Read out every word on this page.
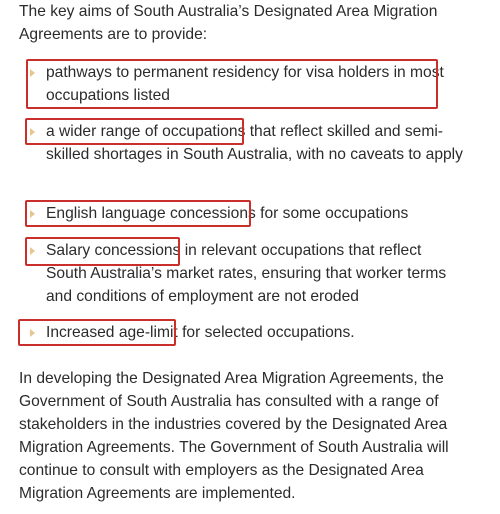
The key aims of South Australia’s Designated Area Migration Agreements are to provide:

pathways to permanent residency for visa holders in most occupations listed

a wider range of occupations that reflect skilled and semi-skilled shortages in South Australia, with no caveats to apply

English language concessions for some occupations

Salary concessions in relevant occupations that reflect South Australia’s market rates, ensuring that worker terms and conditions of employment are not eroded

Increased age-limit for selected occupations.

In developing the Designated Area Migration Agreements, the Government of South Australia has consulted with a range of stakeholders in the industries covered by the Designated Area Migration Agreements. The Government of South Australia will continue to consult with employers as the Designated Area Migration Agreements are implemented.
